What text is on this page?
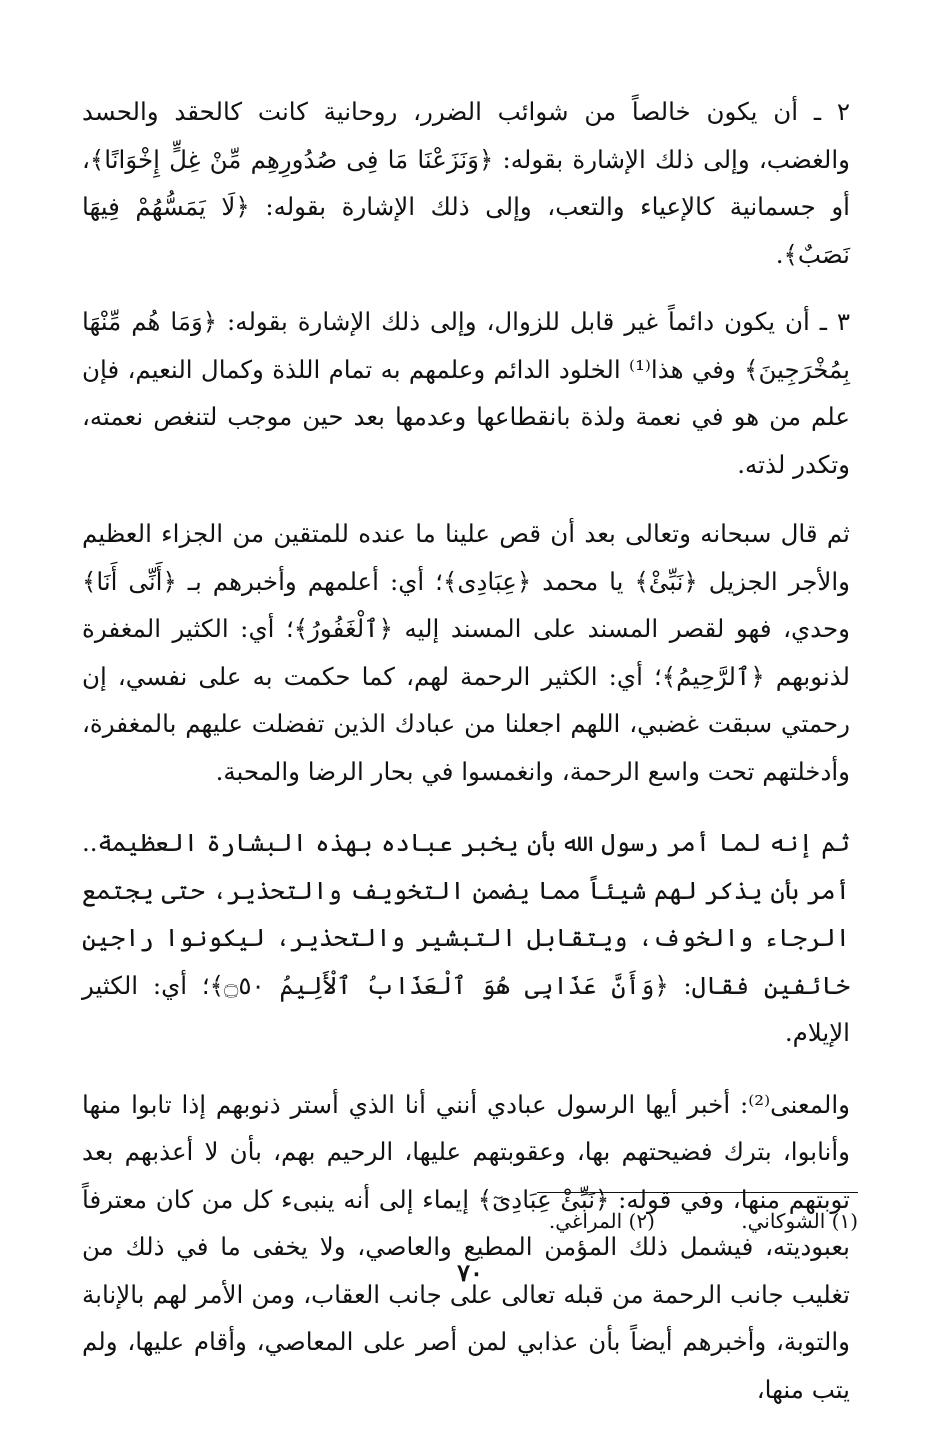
٢ ـ أن يكون خالصاً من شوائب الضرر، روحانية كانت كالحقد والحسد والغضب، وإلى ذلك الإشارة بقوله: ﴿وَنَزَعْنَا مَا فِى صُدُورِهِم مِّنْ غِلٍّ إِخْوَانًا﴾، أو جسمانية كالإعياء والتعب، وإلى ذلك الإشارة بقوله: ﴿لَا يَمَسُّهُمْ فِيهَا نَصَبٌ﴾.

٣ ـ أن يكون دائماً غير قابل للزوال، وإلى ذلك الإشارة بقوله: ﴿وَمَا هُم مِّنْهَا بِمُخْرَجِينَ﴾ وفي هذا⁽¹⁾ الخلود الدائم وعلمهم به تمام اللذة وكمال النعيم، فإن علم من هو في نعمة ولذة بانقطاعها وعدمها بعد حين موجب لتنغص نعمته، وتكدر لذته.

ثم قال سبحانه وتعالى بعد أن قص علينا ما عنده للمتقين من الجزاء العظيم والأجر الجزيل ﴿نَبِّئْ﴾ يا محمد ﴿عِبَادِى﴾؛ أي: أعلمهم وأخبرهم بـ ﴿أَنِّى أَنَا﴾ وحدي، فهو لقصر المسند على المسند إليه ﴿ٱلْغَفُورُ﴾؛ أي: الكثير المغفرة لذنوبهم ﴿ٱلرَّحِيمُ﴾؛ أي: الكثير الرحمة لهم، كما حكمت به على نفسي، إن رحمتي سبقت غضبي، اللهم اجعلنا من عبادك الذين تفضلت عليهم بالمغفرة، وأدخلتهم تحت واسع الرحمة، وانغمسوا في بحار الرضا والمحبة.

ثم إنه لما أمر رسول الله بأن يخبر عباده بهذه البشارة العظيمة.. أمر بأن يذكر لهم شيئاً مما يضمن التخويف والتحذير، حتى يجتمع الرجاء والخوف، ويتقابل التبشير والتحذير، ليكونوا راجين خائفين فقال: ﴿وَأَنَّ عَذَابِى هُوَ ٱلْعَذَابُ ٱلْأَلِيمُ ۝٥٠﴾؛ أي: الكثير الإيلام.

والمعنى⁽²⁾: أخبر أيها الرسول عبادي أنني أنا الذي أستر ذنوبهم إذا تابوا منها وأنابوا، بترك فضيحتهم بها، وعقوبتهم عليها، الرحيم بهم، بأن لا أعذبهم بعد توبتهم منها، وفي قوله: ﴿نَبِّئْ عِبَادِىٓ﴾ إيماء إلى أنه ينبىء كل من كان معترفاً بعبوديته، فيشمل ذلك المؤمن المطيع والعاصي، ولا يخفى ما في ذلك من تغليب جانب الرحمة من قبله تعالى على جانب العقاب، ومن الأمر لهم بالإنابة والتوبة، وأخبرهم أيضاً بأن عذابي لمن أصر على المعاصي، وأقام عليها، ولم يتب منها،

(١) الشوكاني. (٢) المراغي.
٧٠
